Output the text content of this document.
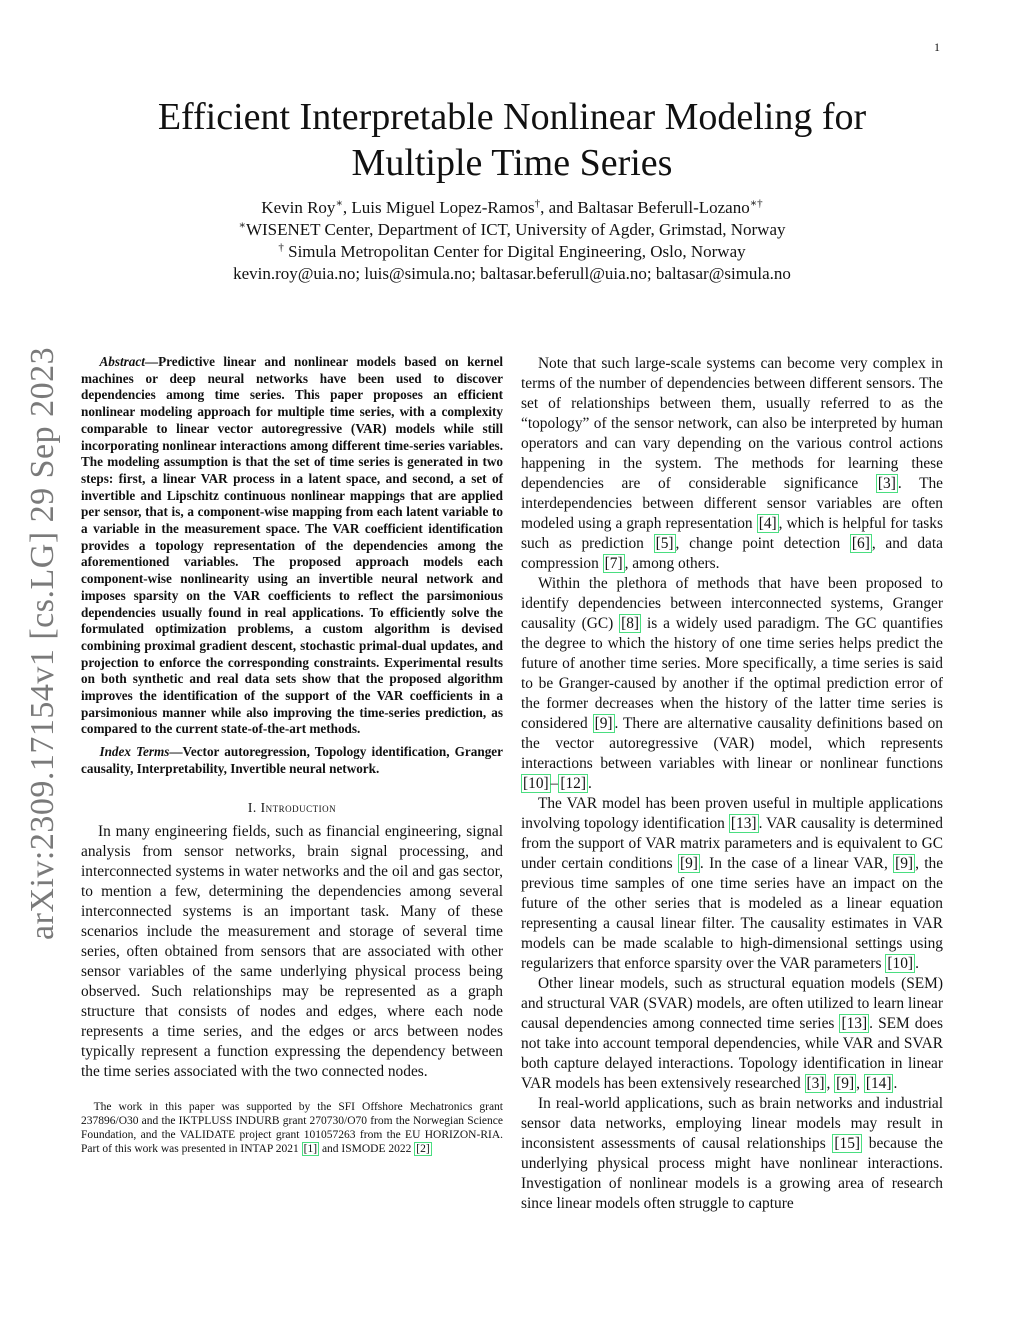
1
arXiv:2309.17154v1 [cs.LG] 29 Sep 2023
Efficient Interpretable Nonlinear Modeling for
Multiple Time Series
Kevin Roy∗, Luis Miguel Lopez-Ramos†, and Baltasar Beferull-Lozano∗†
∗WISENET Center, Department of ICT, University of Agder, Grimstad, Norway
† Simula Metropolitan Center for Digital Engineering, Oslo, Norway
kevin.roy@uia.no; luis@simula.no; baltasar.beferull@uia.no; baltasar@simula.no

Abstract—Predictive linear and nonlinear models based on kernel machines or deep neural networks have been used to discover dependencies among time series. This paper proposes an efficient nonlinear modeling approach for multiple time series, with a complexity comparable to linear vector autoregressive (VAR) models while still incorporating nonlinear interactions among different time-series variables. The modeling assumption is that the set of time series is generated in two steps: first, a linear VAR process in a latent space, and second, a set of invertible and Lipschitz continuous nonlinear mappings that are applied per sensor, that is, a component-wise mapping from each latent variable to a variable in the measurement space. The VAR coefficient identification provides a topology representation of the dependencies among the aforementioned variables. The proposed approach models each component-wise nonlinearity using an invertible neural network and imposes sparsity on the VAR coefficients to reflect the parsimonious dependencies usually found in real applications. To efficiently solve the formulated optimization problems, a custom algorithm is devised combining proximal gradient descent, stochastic primal-dual updates, and projection to enforce the corresponding constraints. Experimental results on both synthetic and real data sets show that the proposed algorithm improves the identification of the support of the VAR coefficients in a parsimonious manner while also improving the time-series prediction, as compared to the current state-of-the-art methods.

Index Terms—Vector autoregression, Topology identification, Granger causality, Interpretability, Invertible neural network.

I. Introduction

In many engineering fields, such as financial engineering, signal analysis from sensor networks, brain signal processing, and interconnected systems in water networks and the oil and gas sector, to mention a few, determining the dependencies among several interconnected systems is an important task. Many of these scenarios include the measurement and storage of several time series, often obtained from sensors that are associated with other sensor variables of the same underlying physical process being observed. Such relationships may be represented as a graph structure that consists of nodes and edges, where each node represents a time series, and the edges or arcs between nodes typically represent a function expressing the dependency between the time series associated with the two connected nodes.

The work in this paper was supported by the SFI Offshore Mechatronics grant 237896/O30 and the IKTPLUSS INDURB grant 270730/O70 from the Norwegian Science Foundation, and the VALIDATE project grant 101057263 from the EU HORIZON-RIA. Part of this work was presented in INTAP 2021 [1] and ISMODE 2022 [2]

Note that such large-scale systems can become very complex in terms of the number of dependencies between different sensors. The set of relationships between them, usually referred to as the “topology” of the sensor network, can also be interpreted by human operators and can vary depending on the various control actions happening in the system. The methods for learning these dependencies are of considerable significance [3] . The interdependencies between different sensor variables are often modeled using a graph representation [4] , which is helpful for tasks such as prediction [5] , change point detection [6] , and data compression [7] , among others.

Within the plethora of methods that have been proposed to identify dependencies between interconnected systems, Granger causality (GC) [8] is a widely used paradigm. The GC quantifies the degree to which the history of one time series helps predict the future of another time series. More specifically, a time series is said to be Granger-caused by another if the optimal prediction error of the former decreases when the history of the latter time series is considered [9] . There are alternative causality definitions based on the vector autoregressive (VAR) model, which represents interactions between variables with linear or nonlinear functions [10] – [12] .

The VAR model has been proven useful in multiple applications involving topology identification [13] . VAR causality is determined from the support of VAR matrix parameters and is equivalent to GC under certain conditions [9] . In the case of a linear VAR, [9] , the previous time samples of one time series have an impact on the future of the other series that is modeled as a linear equation representing a causal linear filter. The causality estimates in VAR models can be made scalable to high-dimensional settings using regularizers that enforce sparsity over the VAR parameters [10] .

Other linear models, such as structural equation models (SEM) and structural VAR (SVAR) models, are often utilized to learn linear causal dependencies among connected time series [13] . SEM does not take into account temporal dependencies, while VAR and SVAR both capture delayed interactions. Topology identification in linear VAR models has been extensively researched [3] , [9] , [14] .

In real-world applications, such as brain networks and industrial sensor data networks, employing linear models may result in inconsistent assessments of causal relationships [15] because the underlying physical process might have nonlinear interactions. Investigation of nonlinear models is a growing area of research since linear models often struggle to capture
